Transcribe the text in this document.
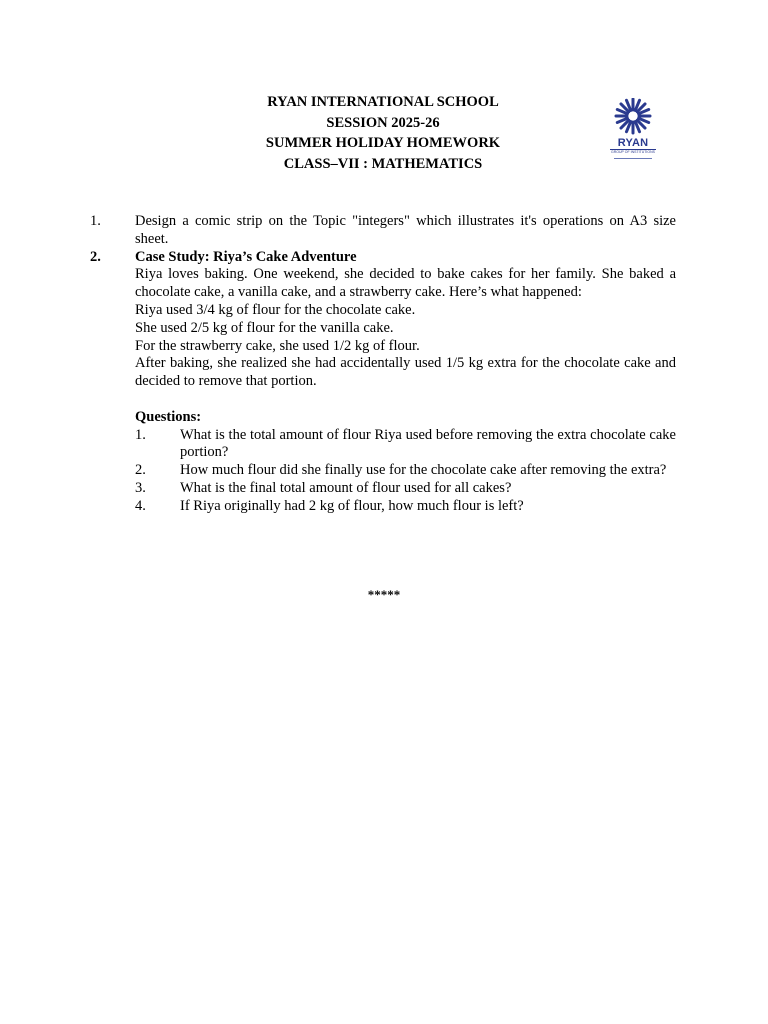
RYAN INTERNATIONAL SCHOOL
SESSION 2025-26
SUMMER HOLIDAY HOMEWORK
CLASS–VII : MATHEMATICS
RYAN
GROUP OF INSTITUTIONS
1. Design a comic strip on the Topic "integers" which illustrates it's operations on A3 size sheet.
2. Case Study: Riya’s Cake Adventure
Riya loves baking. One weekend, she decided to bake cakes for her family. She baked a chocolate cake, a vanilla cake, and a strawberry cake. Here’s what happened:
Riya used 3/4 kg of flour for the chocolate cake.
She used 2/5 kg of flour for the vanilla cake.
For the strawberry cake, she used 1/2 kg of flour.
After baking, she realized she had accidentally used 1/5 kg extra for the chocolate cake and decided to remove that portion.
Questions:
1. What is the total amount of flour Riya used before removing the extra chocolate cake portion?
2. How much flour did she finally use for the chocolate cake after removing the extra?
3. What is the final total amount of flour used for all cakes?
4. If Riya originally had 2 kg of flour, how much flour is left?
*****
